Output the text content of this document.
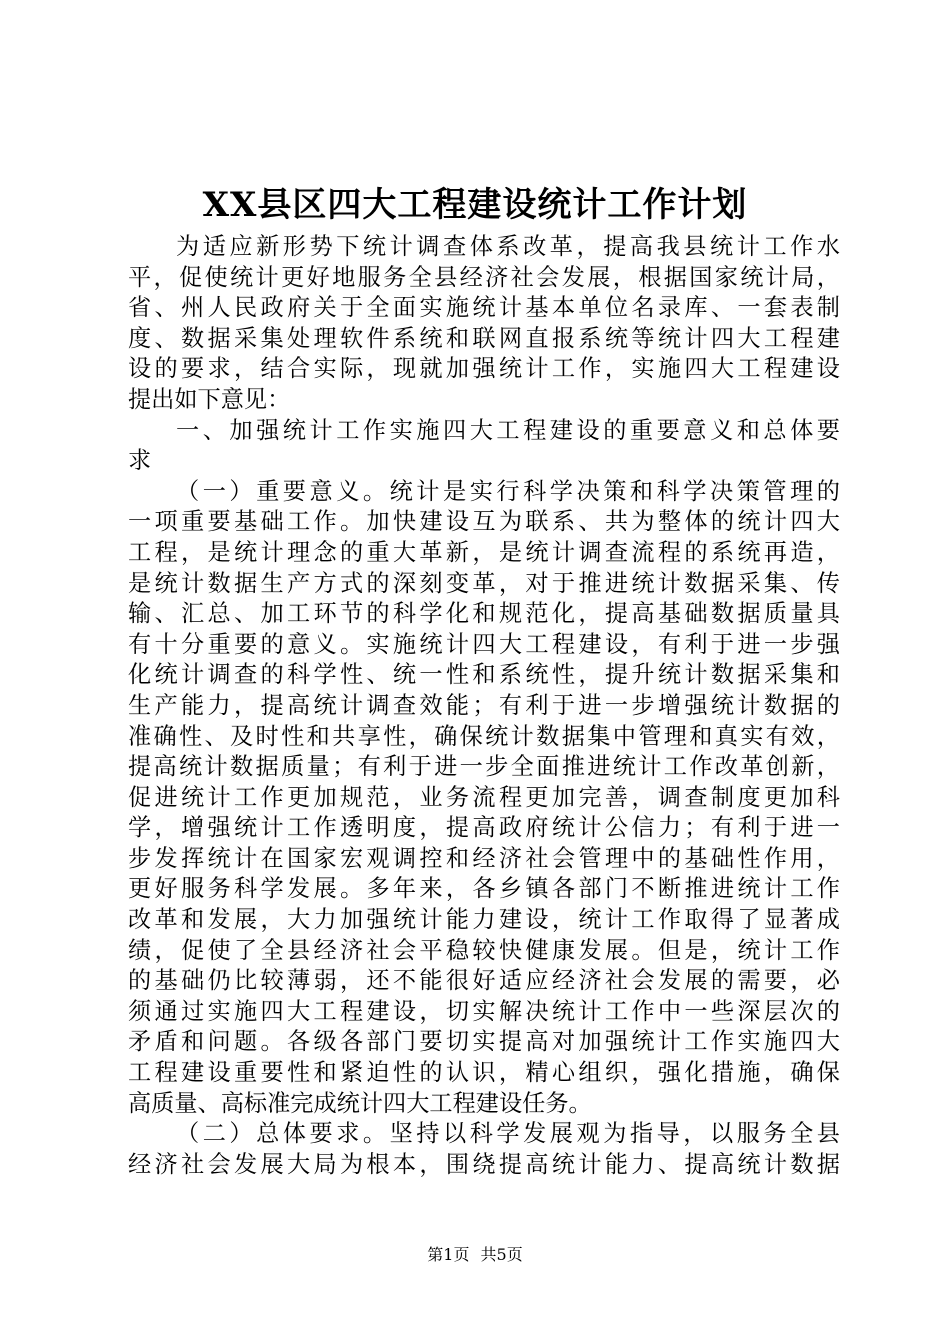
XX县区四大工程建设统计工作计划
为适应新形势下统计调查体系改革，提高我县统计工作水
平，促使统计更好地服务全县经济社会发展，根据国家统计局，
省、州人民政府关于全面实施统计基本单位名录库、一套表制
度、数据采集处理软件系统和联网直报系统等统计四大工程建
设的要求，结合实际，现就加强统计工作，实施四大工程建设
提出如下意见：
一、加强统计工作实施四大工程建设的重要意义和总体要
求
（一）重要意义。统计是实行科学决策和科学决策管理的
一项重要基础工作。加快建设互为联系、共为整体的统计四大
工程，是统计理念的重大革新，是统计调查流程的系统再造，
是统计数据生产方式的深刻变革，对于推进统计数据采集、传
输、汇总、加工环节的科学化和规范化，提高基础数据质量具
有十分重要的意义。实施统计四大工程建设，有利于进一步强
化统计调查的科学性、统一性和系统性，提升统计数据采集和
生产能力，提高统计调查效能；有利于进一步增强统计数据的
准确性、及时性和共享性，确保统计数据集中管理和真实有效，
提高统计数据质量；有利于进一步全面推进统计工作改革创新，
促进统计工作更加规范，业务流程更加完善，调查制度更加科
学，增强统计工作透明度，提高政府统计公信力；有利于进一
步发挥统计在国家宏观调控和经济社会管理中的基础性作用，
更好服务科学发展。多年来，各乡镇各部门不断推进统计工作
改革和发展，大力加强统计能力建设，统计工作取得了显著成
绩，促使了全县经济社会平稳较快健康发展。但是，统计工作
的基础仍比较薄弱，还不能很好适应经济社会发展的需要，必
须通过实施四大工程建设，切实解决统计工作中一些深层次的
矛盾和问题。各级各部门要切实提高对加强统计工作实施四大
工程建设重要性和紧迫性的认识，精心组织，强化措施，确保
高质量、高标准完成统计四大工程建设任务。
（二）总体要求。坚持以科学发展观为指导，以服务全县
经济社会发展大局为根本，围绕提高统计能力、提高统计数据
第1页 共5页
